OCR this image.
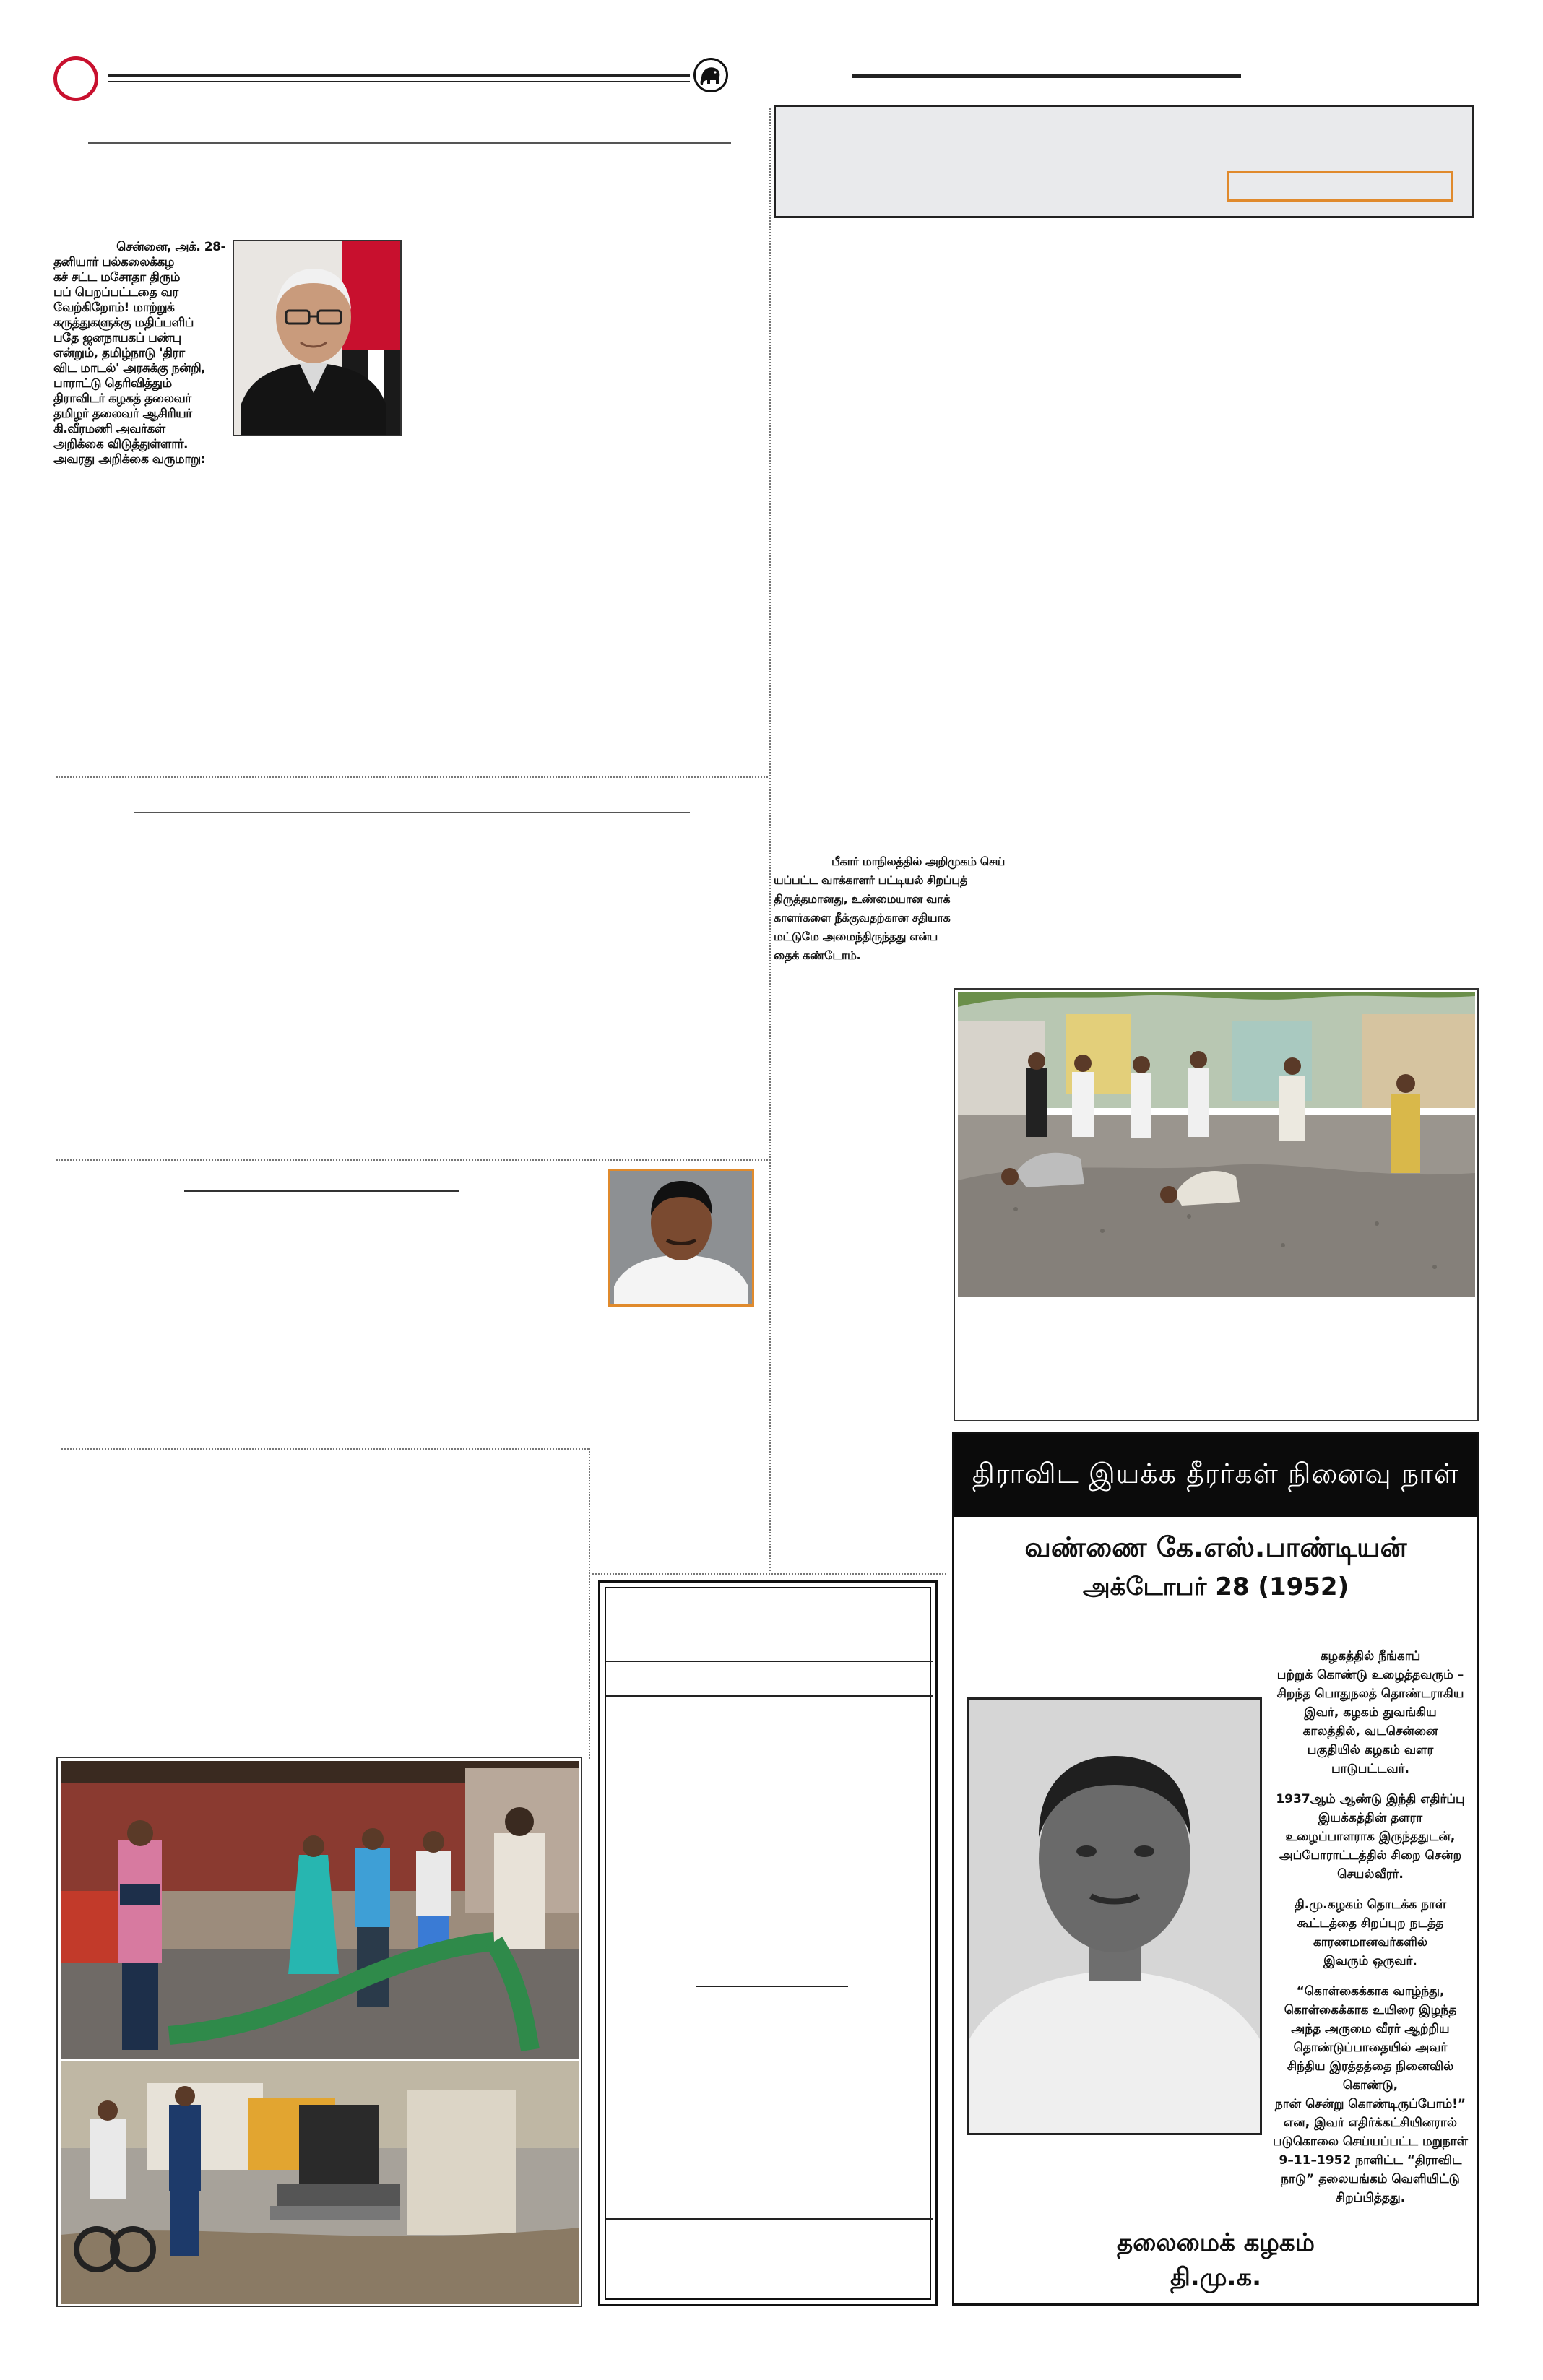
சென்னை, அக். 28-
தனியார் பல்கலைக்கழ
கச் சட்ட மசோதா திரும்
பப் பெறப்பட்டதை வர
வேற்கிறோம்! மாற்றுக்
கருத்துகளுக்கு மதிப்பளிப்
பதே ஜனநாயகப் பண்பு
என்றும், தமிழ்நாடு 'திரா
விட மாடல்' அரசுக்கு நன்றி,
பாராட்டு தெரிவித்தும்
திராவிடர் கழகத் தலைவர்
தமிழர் தலைவர் ஆசிரியர்
கி.வீரமணி அவர்கள்
அறிக்கை விடுத்துள்ளார்.
அவரது அறிக்கை வருமாறு:
பீகார் மாநிலத்தில் அறிமுகம் செய்
யப்பட்ட வாக்காளர் பட்டியல் சிறப்புத்
திருத்தமானது, உண்மையான வாக்
காளர்களை நீக்குவதற்கான சதியாக
மட்டுமே அமைந்திருந்தது என்ப
தைக் கண்டோம்.
திராவிட இயக்க தீரர்கள் நினைவு நாள்
வண்ணை கே.எஸ்.பாண்டியன்
அக்டோபர் 28 (1952)

கழகத்தில் நீங்காப்
பற்றுக் கொண்டு உழைத்தவரும் –
சிறந்த பொதுநலத் தொண்டராகிய
இவர், கழகம் துவங்கிய
காலத்தில், வடசென்னை
பகுதியில் கழகம் வளர
பாடுபட்டவர்.

1937ஆம் ஆண்டு இந்தி எதிர்ப்பு
இயக்கத்தின் தளரா
உழைப்பாளராக இருந்ததுடன்,
அப்போராட்டத்தில் சிறை சென்ற
செயல்வீரர்.

தி.மு.கழகம் தொடக்க நாள்
கூட்டத்தை சிறப்புற நடத்த
காரணமானவர்களில்
இவரும் ஒருவர்.

“கொள்கைக்காக வாழ்ந்து,
கொள்கைக்காக உயிரை இழந்த
அந்த அருமை வீரர் ஆற்றிய
தொண்டுப்பாதையில் அவர்
சிந்திய இரத்தத்தை நினைவில்
கொண்டு,
நான் சென்று கொண்டிருப்போம்!”
என, இவர் எதிர்க்கட்சியினரால்
படுகொலை செய்யப்பட்ட மறுநாள்
9–11–1952 நாளிட்ட “திராவிட
நாடு” தலையங்கம் வெளியிட்டு
சிறப்பித்தது.

தலைமைக் கழகம்
தி.மு.க.
